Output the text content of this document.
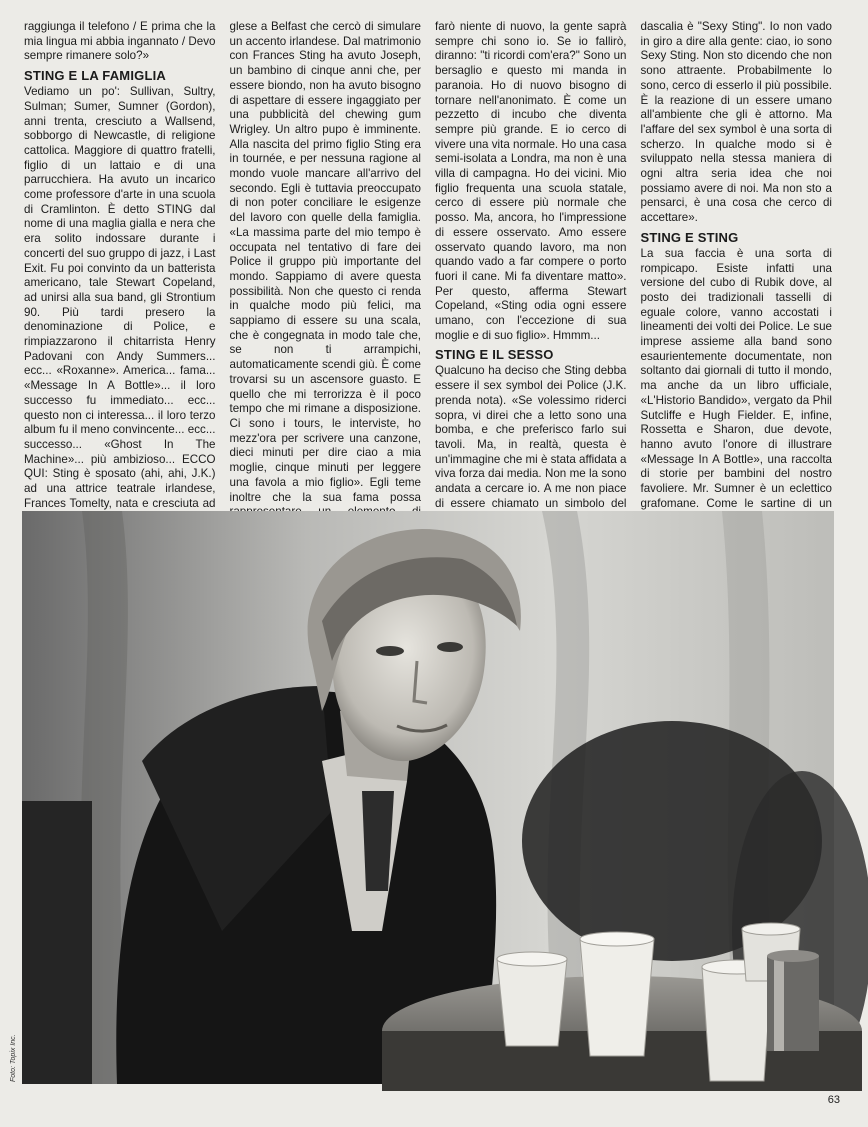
raggiunga il telefono / E prima che la mia lingua mi abbia ingannato / Devo sempre rimanere solo?»

STING E LA FAMIGLIA

Vediamo un po': Sullivan, Sultry, Sulman; Sumer, Sumner (Gordon), anni trenta, cresciuto a Wallsend, sobborgo di Newcastle, di religione cattolica. Maggiore di quattro fratelli, figlio di un lattaio e di una parrucchiera. Ha avuto un incarico come professore d'arte in una scuola di Cramlinton. È detto STING dal nome di una maglia gialla e nera che era solito indossare durante i concerti del suo gruppo di jazz, i Last Exit. Fu poi convinto da un batterista americano, tale Stewart Copeland, ad unirsi alla sua band, gli Strontium 90. Più tardi presero la denominazione di Police, e rimpiazzarono il chitarrista Henry Padovani con Andy Summers... ecc... «Roxanne». America... fama... «Message In A Bottle»... il loro successo fu immediato... ecc... questo non ci interessa... il loro terzo album fu il meno convincente... ecc... successo... «Ghost In The Machine»... più ambizioso... ECCO QUI: Sting è sposato (ahi, ahi, J.K.) ad una attrice teatrale irlandese, Frances Tomelty, nata e cresciuta ad

glese a Belfast che cercò di simulare un accento irlandese. Dal matrimonio con Frances Sting ha avuto Joseph, un bambino di cinque anni che, per essere biondo, non ha avuto bisogno di aspettare di essere ingaggiato per una pubblicità del chewing gum Wrigley. Un altro pupo è imminente. Alla nascita del primo figlio Sting era in tournée, e per nessuna ragione al mondo vuole mancare all'arrivo del secondo. Egli è tuttavia preoccupato di non poter conciliare le esigenze del lavoro con quelle della famiglia. «La massima parte del mio tempo è occupata nel tentativo di fare dei Police il gruppo più importante del mondo. Sappiamo di avere questa possibilità. Non che questo ci renda in qualche modo più felici, ma sappiamo di essere su una scala, che è congegnata in modo tale che, se non ti arrampichi, automaticamente scendi giù. È come trovarsi su un ascensore guasto. E quello che mi terrorizza è il poco tempo che mi rimane a disposizione. Ci sono i tours, le interviste, ho mezz'ora per scrivere una canzone, dieci minuti per dire ciao a mia moglie, cinque minuti per leggere una favola a mio figlio». Egli teme inoltre che la sua fama possa

farò niente di nuovo, la gente saprà sempre chi sono io. Se io fallirò, diranno: "ti ricordi com'era?" Sono un bersaglio e questo mi manda in paranoia. Ho di nuovo bisogno di tornare nell'anonimato. È come un pezzetto di incubo che diventa sempre più grande. E io cerco di vivere una vita normale. Ho una casa semi-isolata a Londra, ma non è una villa di campagna. Ho dei vicini. Mio figlio frequenta una scuola statale, cerco di essere più normale che posso. Ma, ancora, ho l'impressione di essere osservato. Amo essere osservato quando lavoro, ma non quando vado a far compere o porto fuori il cane. Mi fa diventare matto». Per questo, afferma Stewart Copeland, «Sting odia ogni essere umano, con l'eccezione di sua moglie e di suo figlio». Hmmm...

STING E IL SESSO

Qualcuno ha deciso che Sting debba essere il sex symbol dei Police (J.K. prenda nota). «Se volessimo riderci sopra, vi direi che a letto sono una bomba, e che preferisco farlo sui tavoli. Ma, in realtà, questa è un'immagine che mi è stata affidata a viva forza dai media. Non me la sono andata a cercare io. A me non piace di essere chiamato un simbolo del

dascalia è "Sexy Sting". Io non vado in giro a dire alla gente: ciao, io sono Sexy Sting. Non sto dicendo che non sono attraente. Probabilmente lo sono, cerco di esserlo il più possibile. È la reazione di un essere umano all'ambiente che gli è attorno. Ma l'affare del sex symbol è una sorta di scherzo. In qualche modo si è sviluppato nella stessa maniera di ogni altra seria idea che noi possiamo avere di noi. Ma non sto a pensarci, è una cosa che cerco di accettare».

STING E STING

La sua faccia è una sorta di rompicapo. Esiste infatti una versione del cubo di Rubik dove, al posto dei tradizionali tasselli di eguale colore, vanno accostati i lineamenti dei volti dei Police. Le sue imprese assieme alla band sono esaurientemente documentate, non soltanto dai giornali di tutto il mondo, ma anche da un libro ufficiale, «L'Historio Bandido», vergato da Phil Sutcliffe e Hugh Fielder. E, infine, Rossetta e Sharon, due devote, hanno avuto l'onore di illustrare «Message In A Bottle», una raccolta di storie per bambini del nostro favoliere. Mr. Sumner è un eclettico grafomane. Come le sartine di un

Foto: Topix Inc.
63
